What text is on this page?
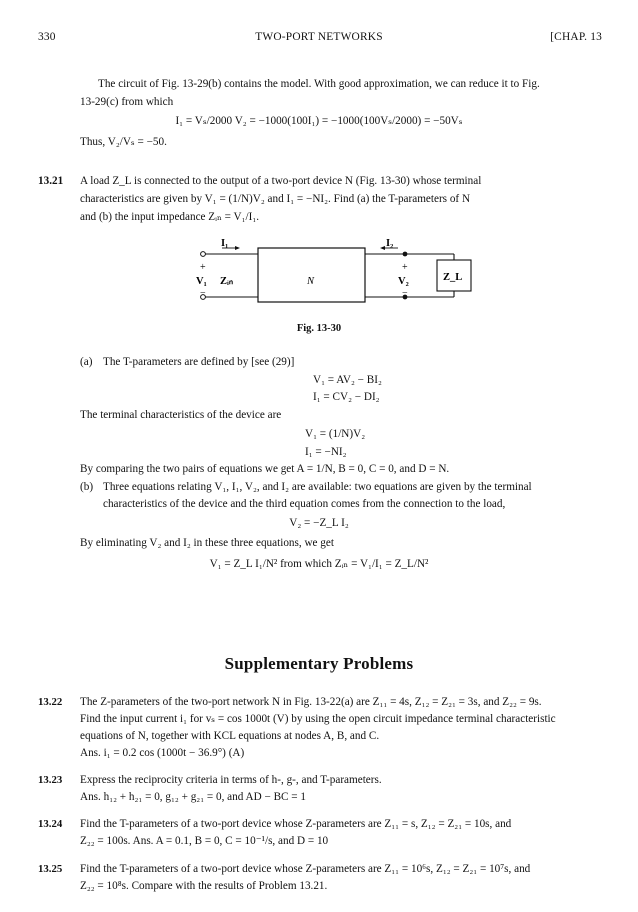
330	TWO-PORT NETWORKS	[CHAP. 13
The circuit of Fig. 13-29(b) contains the model. With good approximation, we can reduce it to Fig.
13-29(c) from which
I₁ = Vₛ/2000 V₂ = −1000(100I₁) = −1000(100Vₛ/2000) = −50Vₛ
Thus, V₂/Vₛ = −50.
13.21 A load Z_L is connected to the output of a two-port device N (Fig. 13-30) whose terminal
characteristics are given by V₁ = (1/N)V₂ and I₁ = −NI₂. Find (a) the T-parameters of N
and (b) the input impedance Zᵢₙ = V₁/I₁.
I₁	I₂
+
−
V₁ Zᵢₙ	N
+
−
V₂	Z_L
Fig. 13-30
(a) The T-parameters are defined by [see (29)]
V₁ = AV₂ − BI₂
I₁ = CV₂ − DI₂
The terminal characteristics of the device are
V₁ = (1/N)V₂
I₁ = −NI₂
By comparing the two pairs of equations we get A = 1/N, B = 0, C = 0, and D = N.
(b) Three equations relating V₁, I₁, V₂, and I₂ are available: two equations are given by the terminal
characteristics of the device and the third equation comes from the connection to the load,
V₂ = −Z_L I₂
By eliminating V₂ and I₂ in these three equations, we get
V₁ = Z_L I₁/N² from which Zᵢₙ = V₁/I₁ = Z_L/N²
Supplementary Problems
13.22 The Z-parameters of the two-port network N in Fig. 13-22(a) are Z₁₁ = 4s, Z₁₂ = Z₂₁ = 3s, and Z₂₂ = 9s.
Find the input current i₁ for vₛ = cos 1000t (V) by using the open circuit impedance terminal characteristic
equations of N, together with KCL equations at nodes A, B, and C.
Ans. i₁ = 0.2 cos (1000t − 36.9°) (A)
13.23 Express the reciprocity criteria in terms of h-, g-, and T-parameters.
Ans. h₁₂ + h₂₁ = 0, g₁₂ + g₂₁ = 0, and AD − BC = 1
13.24 Find the T-parameters of a two-port device whose Z-parameters are Z₁₁ = s, Z₁₂ = Z₂₁ = 10s, and
Z₂₂ = 100s. Ans. A = 0.1, B = 0, C = 10⁻¹/s, and D = 10
13.25 Find the T-parameters of a two-port device whose Z-parameters are Z₁₁ = 10⁶s, Z₁₂ = Z₂₁ = 10⁷s, and
Z₂₂ = 10⁸s. Compare with the results of Problem 13.21.
